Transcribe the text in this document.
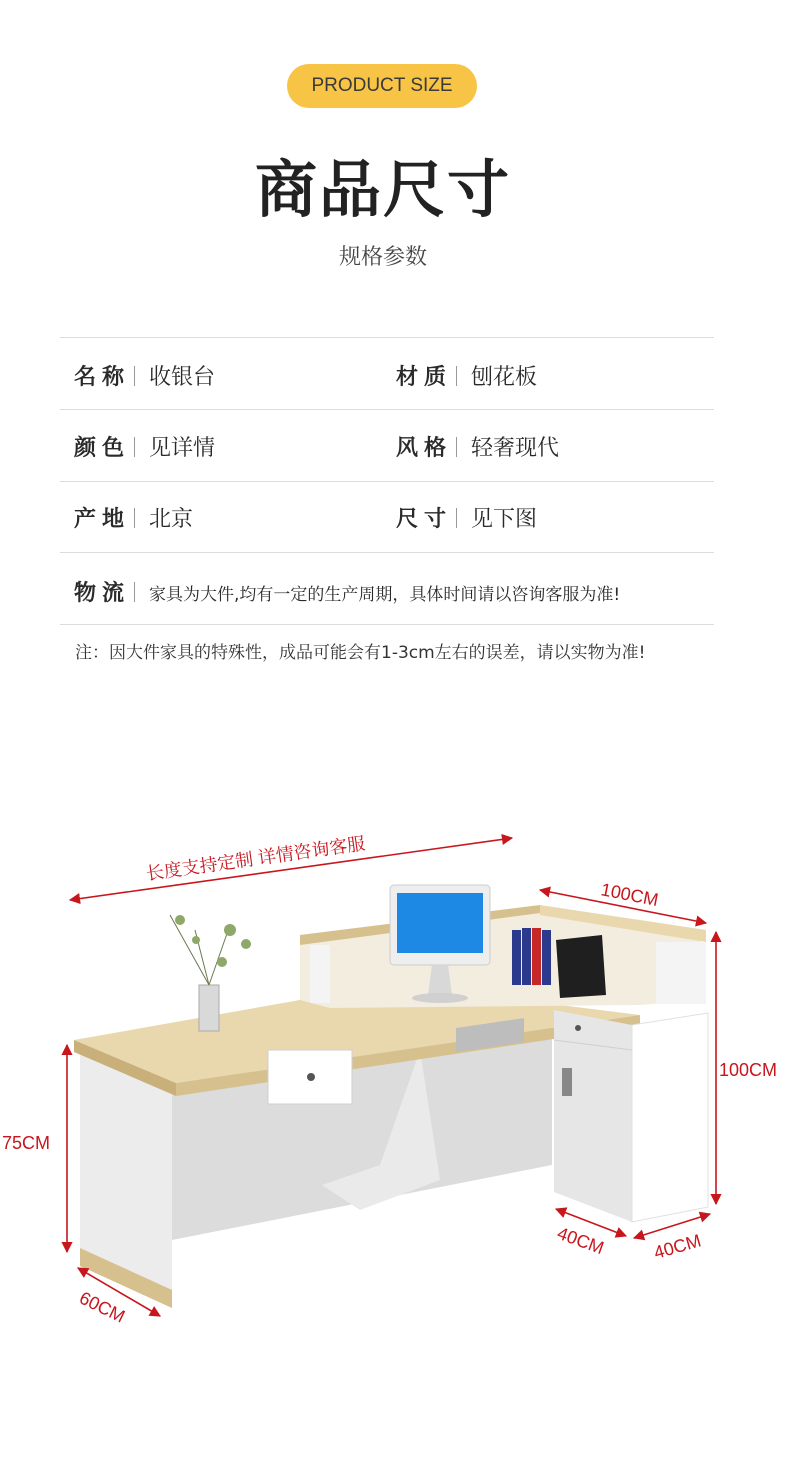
PRODUCT SIZE
商品尺寸
规格参数
名称 收银台	材质 刨花板
颜色 见详情	风格 轻奢现代
产地 北京	尺寸 见下图
物流 家具为大件,均有一定的生产周期，具体时间请以咨询客服为准!
注：因大件家具的特殊性，成品可能会有1-3cm左右的误差，请以实物为准!
长度支持定制 详情咨询客服
100CM
100CM
75CM
60CM
40CM 40CM
